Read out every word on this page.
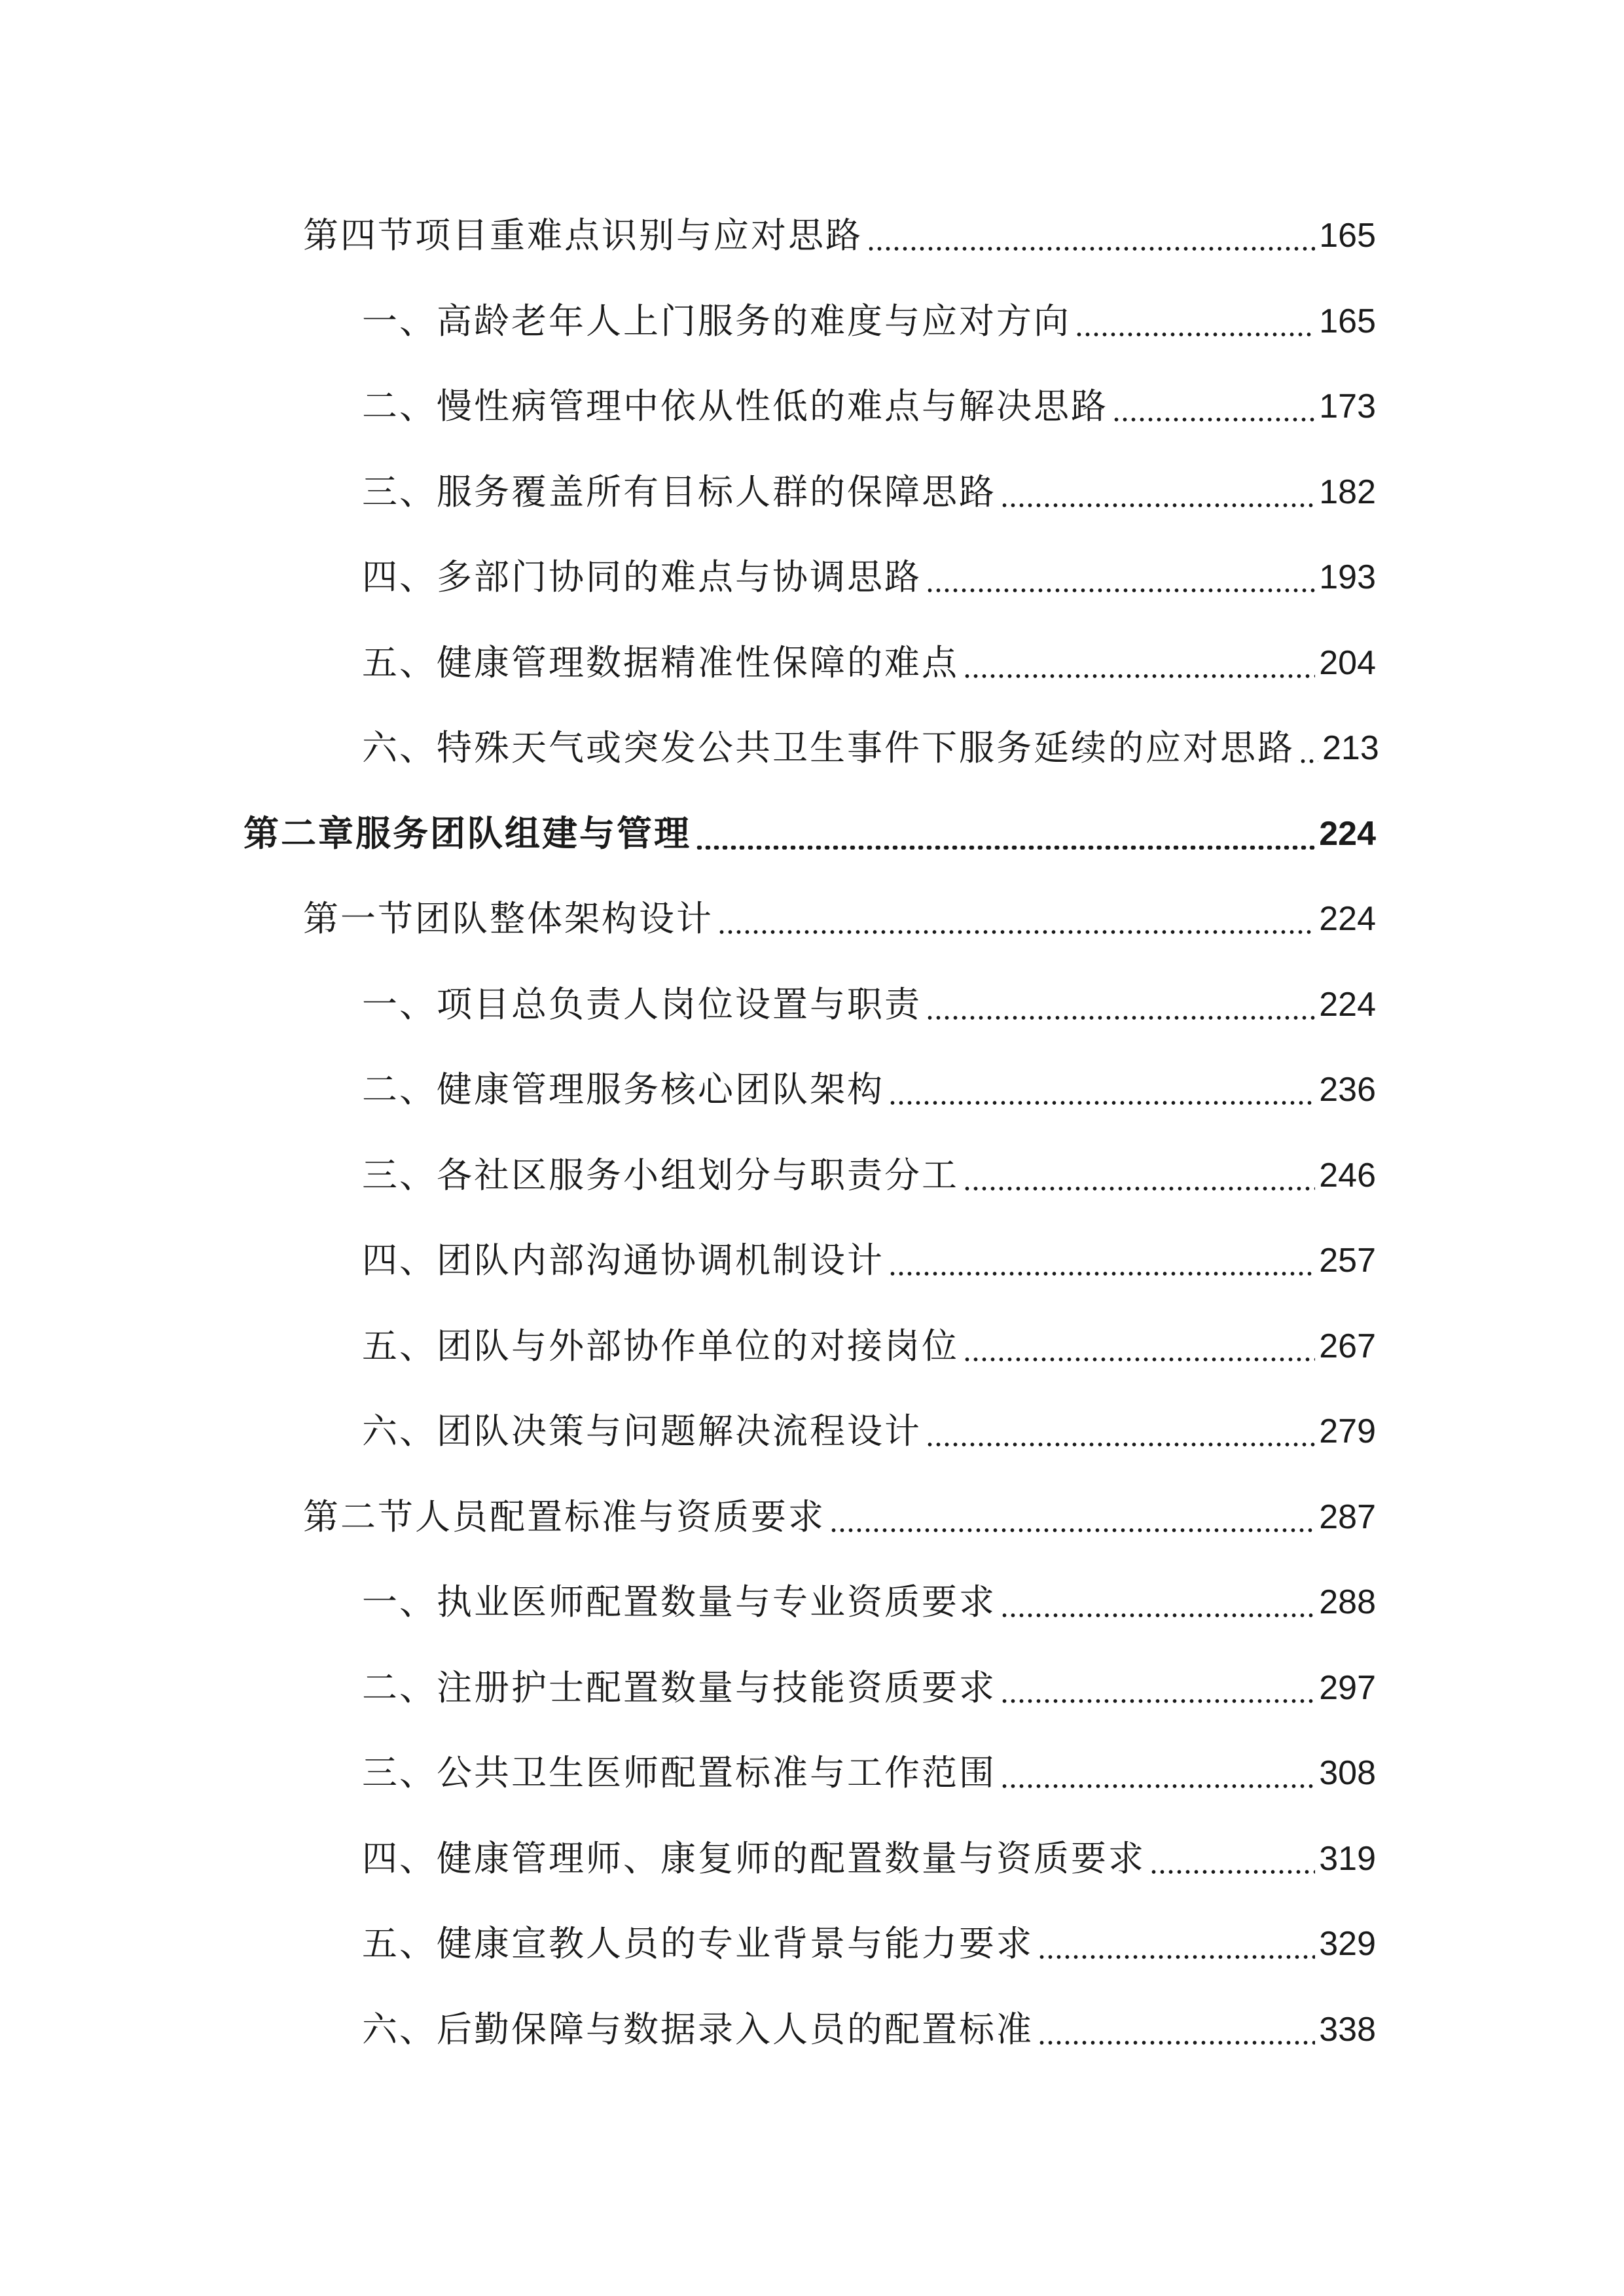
第四节项目重难点识别与应对思路	165
一、高龄老年人上门服务的难度与应对方向	165
二、慢性病管理中依从性低的难点与解决思路	173
三、服务覆盖所有目标人群的保障思路	182
四、多部门协同的难点与协调思路	193
五、健康管理数据精准性保障的难点	204
六、特殊天气或突发公共卫生事件下服务延续的应对思路 213
第二章服务团队组建与管理	224
第一节团队整体架构设计	224
一、项目总负责人岗位设置与职责	224
二、健康管理服务核心团队架构	236
三、各社区服务小组划分与职责分工	246
四、团队内部沟通协调机制设计	257
五、团队与外部协作单位的对接岗位	267
六、团队决策与问题解决流程设计	279
第二节人员配置标准与资质要求	287
一、执业医师配置数量与专业资质要求	288
二、注册护士配置数量与技能资质要求	297
三、公共卫生医师配置标准与工作范围	308
四、健康管理师、康复师的配置数量与资质要求	319
五、健康宣教人员的专业背景与能力要求	329
六、后勤保障与数据录入人员的配置标准	338
